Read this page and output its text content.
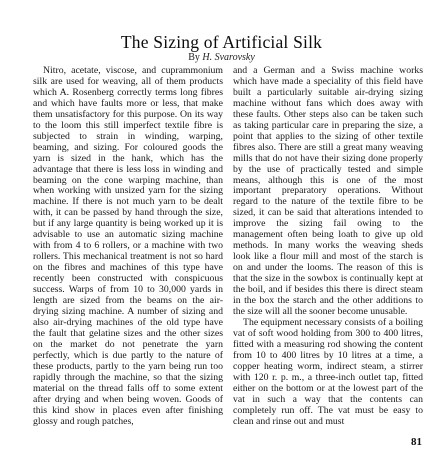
The Sizing of Artificial Silk
By H. Svarovsky

Nitro, acetate, viscose, and cuprammonium silk are used for weaving, all of them products which A. Rosenberg correctly terms long fibres and which have faults more or less, that make them unsatisfactory for this purpose. On its way to the loom this still imperfect textile fibre is subjected to strain in winding, warping, beaming, and sizing. For coloured goods the yarn is sized in the hank, which has the advantage that there is less loss in winding and beaming on the cone warping machine, than when working with unsized yarn for the sizing machine. If there is not much yarn to be dealt with, it can be passed by hand through the size, but if any large quantity is being worked up it is advisable to use an automatic sizing machine with from 4 to 6 rollers, or a machine with two rollers. This mechanical treatment is not so hard on the fibres and machines of this type have recently been constructed with conspicuous success. Warps of from 10 to 30,000 yards in length are sized from the beams on the air-drying sizing machine. A number of sizing and also air-drying machines of the old type have the fault that gelatine sizes and the other sizes on the market do not penetrate the yarn perfectly, which is due partly to the nature of these products, partly to the yarn being run too rapidly through the machine, so that the sizing material on the thread falls off to some extent after drying and when being woven. Goods of this kind show in places even after finishing glossy and rough patches,

and a German and a Swiss machine works which have made a speciality of this field have built a particularly suitable air-drying sizing machine without fans which does away with these faults. Other steps also can be taken such as taking particular care in preparing the size, a point that applies to the sizing of other textile fibres also. There are still a great many weaving mills that do not have their sizing done properly by the use of practically tested and simple means, although this is one of the most important preparatory operations. Without regard to the nature of the textile fibre to be sized, it can be said that alterations intended to improve the sizing fail owing to the management often being loath to give up old methods. In many works the weaving sheds look like a flour mill and most of the starch is on and under the looms. The reason of this is that the size in the sowbox is continually kept at the boil, and if besides this there is direct steam in the box the starch and the other additions to the size will all the sooner become unusable.

The equipment necessary consists of a boiling vat of soft wood holding from 300 to 400 litres, fitted with a measuring rod showing the content from 10 to 400 litres by 10 litres at a time, a copper heating worm, indirect steam, a stirrer with 120 r. p. m., a three-inch outlet tap, fitted either on the bottom or at the lowest part of the vat in such a way that the contents can completely run off. The vat must be easy to clean and rinse out and must

81
